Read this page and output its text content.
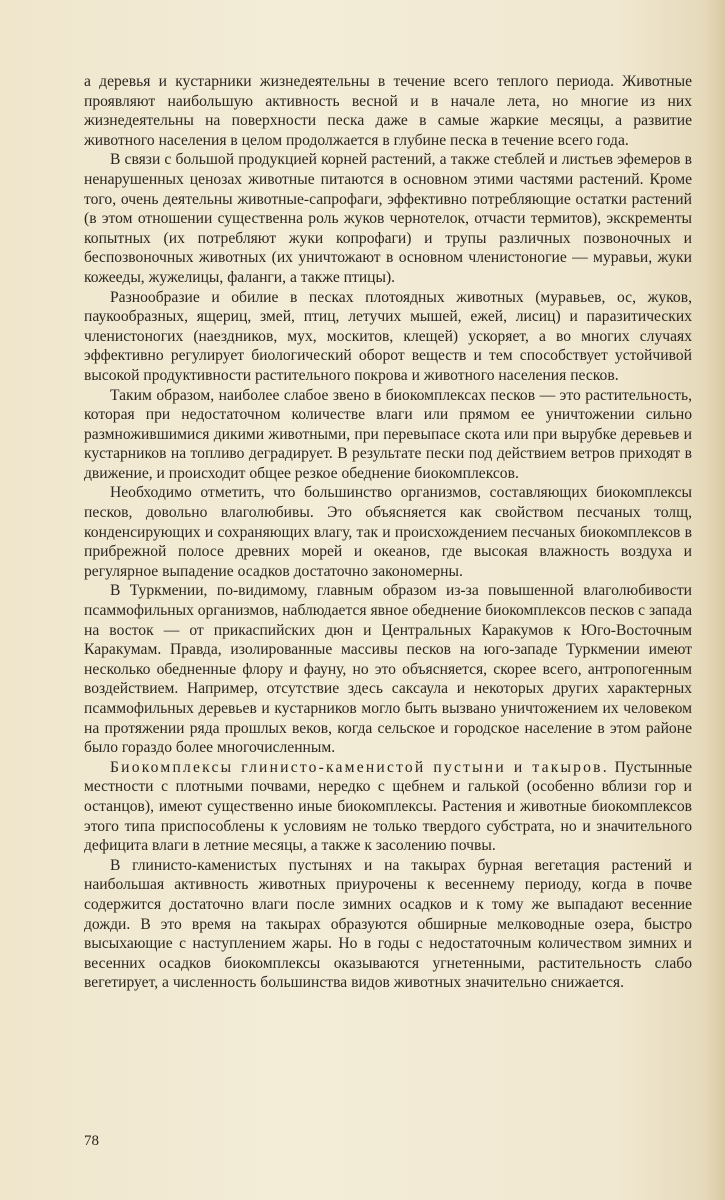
а деревья и кустарники жизнедеятельны в течение всего теплого периода. Животные проявляют наибольшую активность весной и в начале лета, но многие из них жизнедеятельны на поверхности песка даже в самые жаркие месяцы, а развитие животного населения в целом продолжается в глубине песка в течение всего года.

В связи с большой продукцией корней растений, а также стеблей и листьев эфемеров в ненарушенных ценозах животные питаются в основном этими частями растений. Кроме того, очень деятельны животные-сапрофаги, эффективно потребляющие остатки растений (в этом отношении существенна роль жуков чернотелок, отчасти термитов), экскременты копытных (их потребляют жуки копрофаги) и трупы различных позвоночных и беспозвоночных животных (их уничтожают в основном членистоногие — муравьи, жуки кожееды, жужелицы, фаланги, а также птицы).

Разнообразие и обилие в песках плотоядных животных (муравьев, ос, жуков, паукообразных, ящериц, змей, птиц, летучих мышей, ежей, лисиц) и паразитических членистоногих (наездников, мух, москитов, клещей) ускоряет, а во многих случаях эффективно регулирует биологический оборот веществ и тем способствует устойчивой высокой продуктивности растительного покрова и животного населения песков.

Таким образом, наиболее слабое звено в биокомплексах песков — это растительность, которая при недостаточном количестве влаги или прямом ее уничтожении сильно размножившимися дикими животными, при перевыпасе скота или при вырубке деревьев и кустарников на топливо деградирует. В результате пески под действием ветров приходят в движение, и происходит общее резкое обеднение биокомплексов.

Необходимо отметить, что большинство организмов, составляющих биокомплексы песков, довольно влаголюбивы. Это объясняется как свойством песчаных толщ, конденсирующих и сохраняющих влагу, так и происхождением песчаных биокомплексов в прибрежной полосе древних морей и океанов, где высокая влажность воздуха и регулярное выпадение осадков достаточно закономерны.

В Туркмении, по-видимому, главным образом из-за повышенной влаголюбивости псаммофильных организмов, наблюдается явное обеднение биокомплексов песков с запада на восток — от прикаспийских дюн и Центральных Каракумов к Юго-Восточным Каракумам. Правда, изолированные массивы песков на юго-западе Туркмении имеют несколько обедненные флору и фауну, но это объясняется, скорее всего, антропогенным воздействием. Например, отсутствие здесь саксаула и некоторых других характерных псаммофильных деревьев и кустарников могло быть вызвано уничтожением их человеком на протяжении ряда прошлых веков, когда сельское и городское население в этом районе было гораздо более многочисленным.

Биокомплексы глинисто-каменистой пустыни и такыров. Пустынные местности с плотными почвами, нередко с щебнем и галькой (особенно вблизи гор и останцов), имеют существенно иные биокомплексы. Растения и животные биокомплексов этого типа приспособлены к условиям не только твердого субстрата, но и значительного дефицита влаги в летние месяцы, а также к засолению почвы.

В глинисто-каменистых пустынях и на такырах бурная вегетация растений и наибольшая активность животных приурочены к весеннему периоду, когда в почве содержится достаточно влаги после зимних осадков и к тому же выпадают весенние дожди. В это время на такырах образуются обширные мелководные озера, быстро высыхающие с наступлением жары. Но в годы с недостаточным количеством зимних и весенних осадков биокомплексы оказываются угнетенными, растительность слабо вегетирует, а численность большинства видов животных значительно снижается.

78
